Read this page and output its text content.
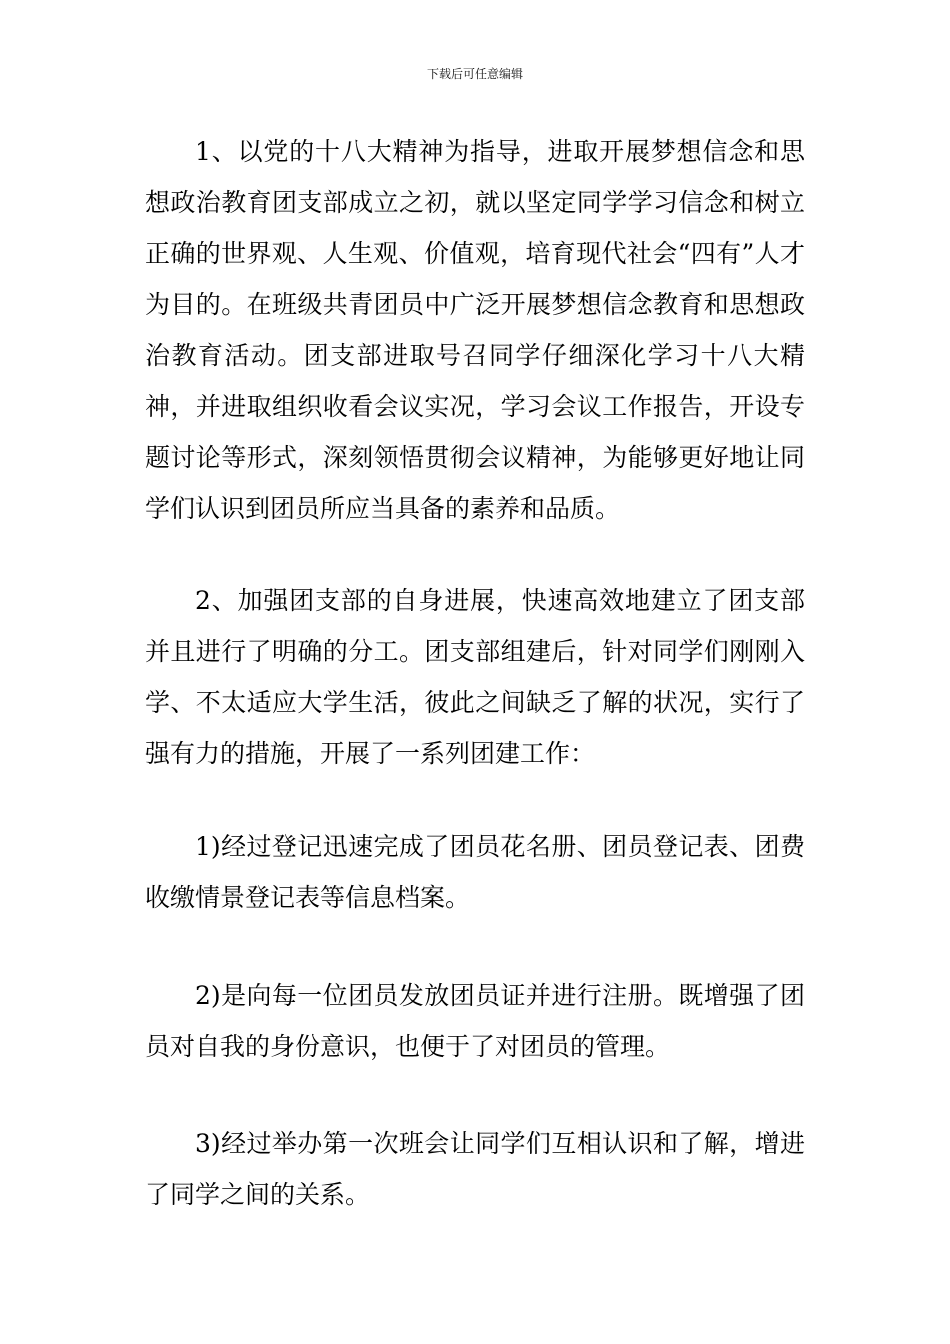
下载后可任意编辑

1、以党的十八大精神为指导，进取开展梦想信念和思想政治教育团支部成立之初，就以坚定同学学习信念和树立正确的世界观、人生观、价值观，培育现代社会“四有”人才为目的。在班级共青团员中广泛开展梦想信念教育和思想政治教育活动。团支部进取号召同学仔细深化学习十八大精神，并进取组织收看会议实况，学习会议工作报告，开设专题讨论等形式，深刻领悟贯彻会议精神，为能够更好地让同学们认识到团员所应当具备的素养和品质。

2、加强团支部的自身进展，快速高效地建立了团支部并且进行了明确的分工。团支部组建后，针对同学们刚刚入学、不太适应大学生活，彼此之间缺乏了解的状况，实行了强有力的措施，开展了一系列团建工作：

1)经过登记迅速完成了团员花名册、团员登记表、团费收缴情景登记表等信息档案。

2)是向每一位团员发放团员证并进行注册。既增强了团员对自我的身份意识，也便于了对团员的管理。

3)经过举办第一次班会让同学们互相认识和了解，增进了同学之间的关系。
